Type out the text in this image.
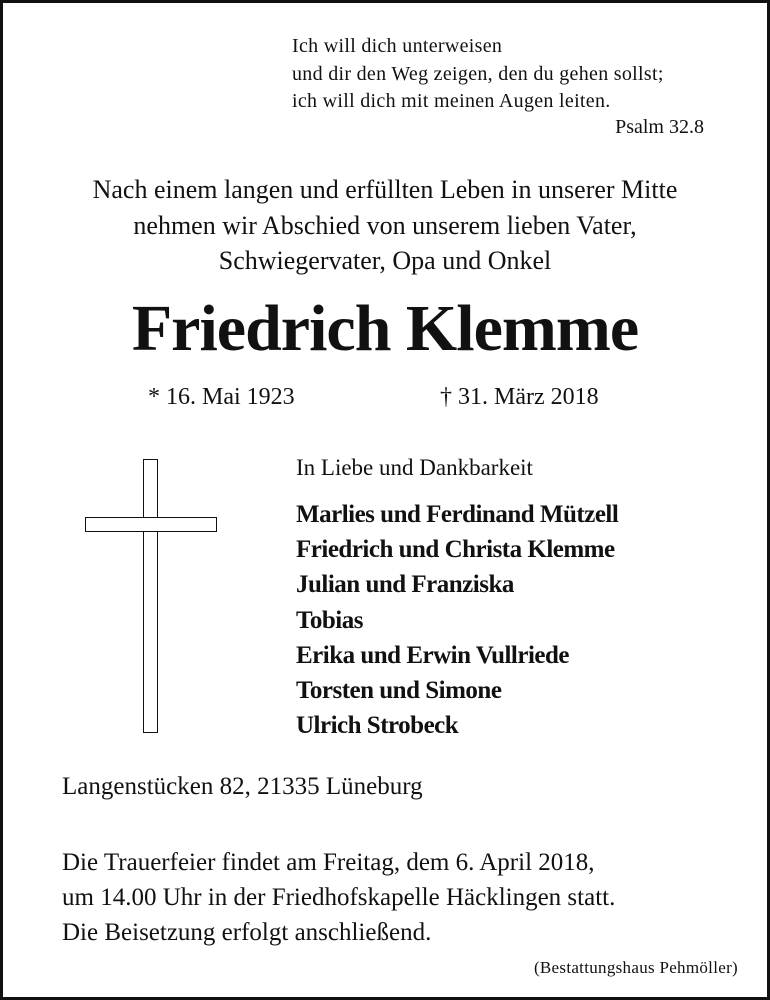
Ich will dich unterweisen
und dir den Weg zeigen, den du gehen sollst;
ich will dich mit meinen Augen leiten.
Psalm 32.8
Nach einem langen und erfüllten Leben in unserer Mitte
nehmen wir Abschied von unserem lieben Vater,
Schwiegervater, Opa und Onkel
Friedrich Klemme
* 16. Mai 1923	† 31. März 2018
In Liebe und Dankbarkeit
Marlies und Ferdinand Mützell
Friedrich und Christa Klemme
Julian und Franziska
Tobias
Erika und Erwin Vullriede
Torsten und Simone
Ulrich Strobeck
Langenstücken 82, 21335 Lüneburg
Die Trauerfeier findet am Freitag, dem 6. April 2018,
um 14.00 Uhr in der Friedhofskapelle Häcklingen statt.
Die Beisetzung erfolgt anschließend.
(Bestattungshaus Pehmöller)
